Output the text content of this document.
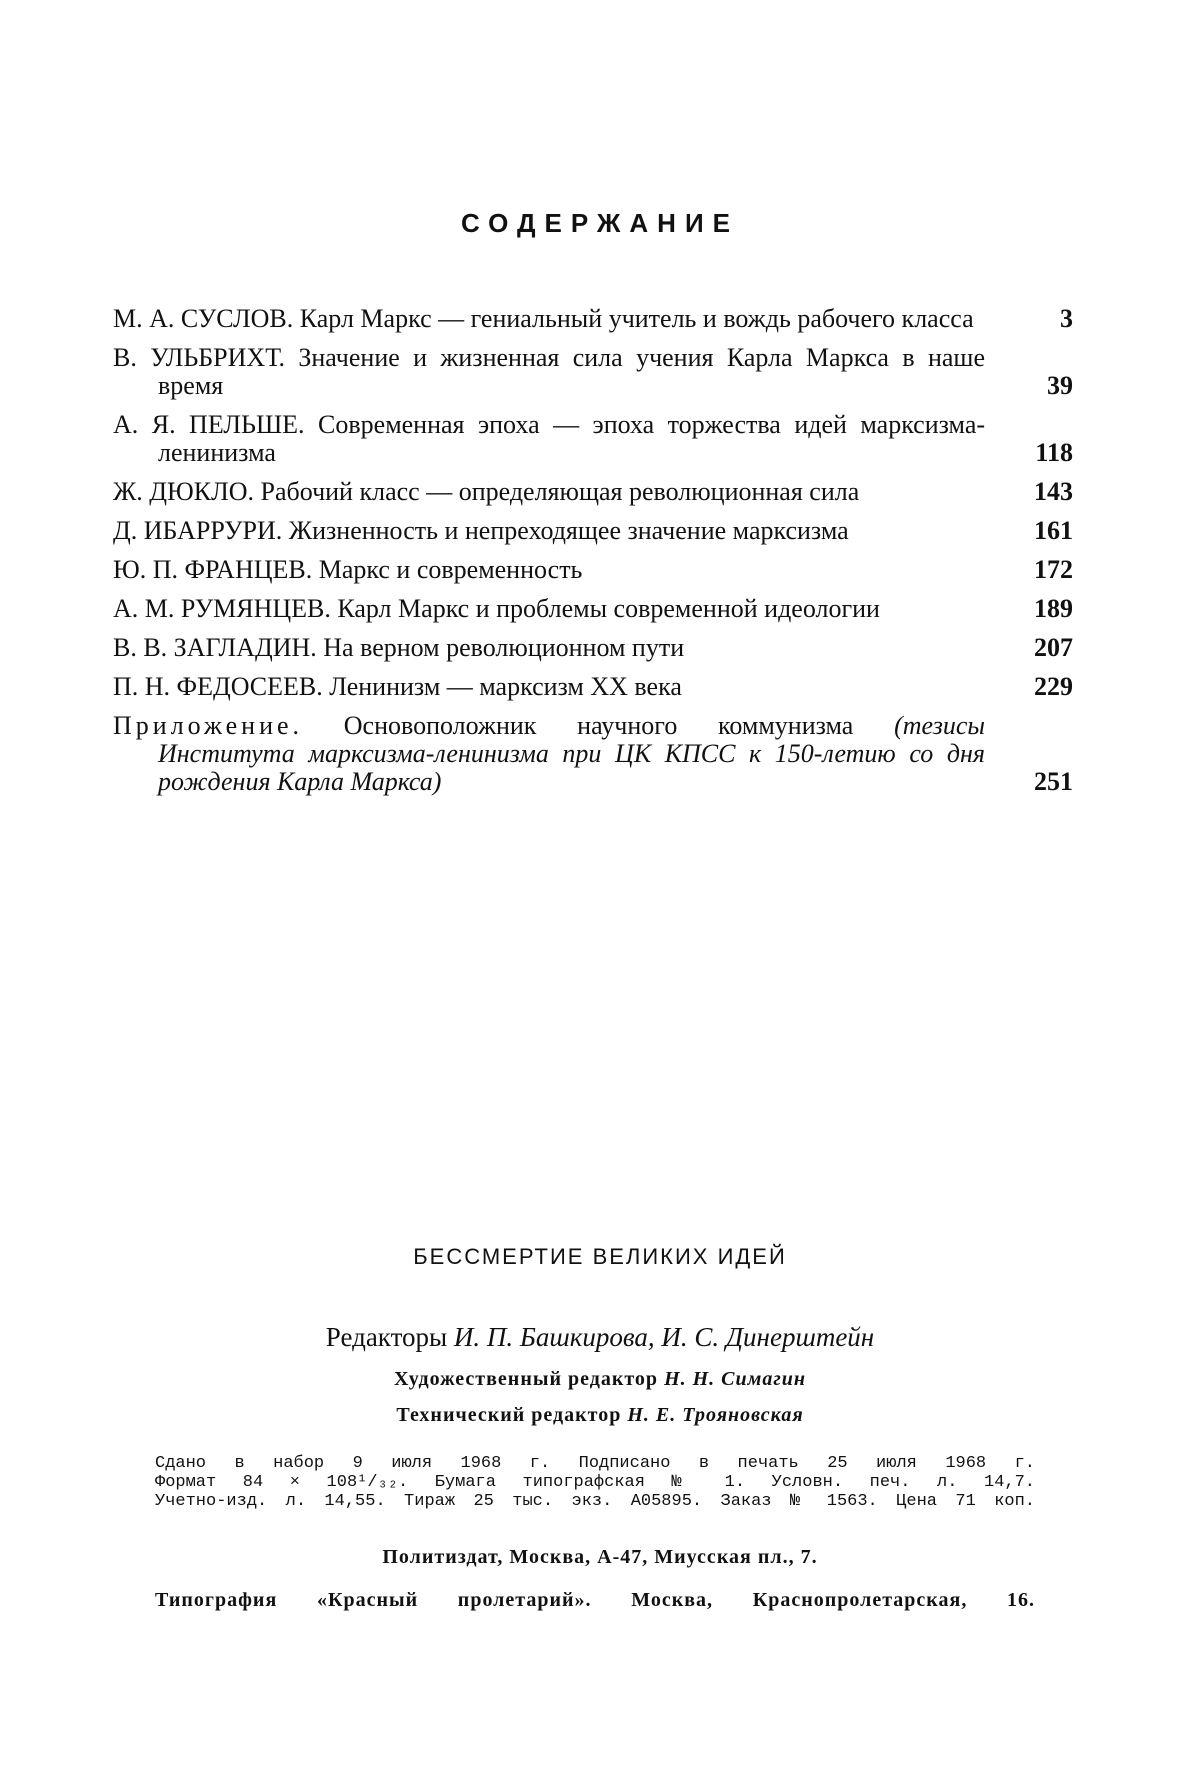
СОДЕРЖАНИЕ
М. А. СУСЛОВ. Карл Маркс — гениальный учитель и вождь рабочего класса	3
В. УЛЬБРИХТ. Значение и жизненная сила учения Карла Маркса в наше время	39
А. Я. ПЕЛЬШЕ. Современная эпоха — эпоха торжества идей марксизма-ленинизма	118
Ж. ДЮКЛО. Рабочий класс — определяющая революционная сила	143
Д. ИБАРРУРИ. Жизненность и непреходящее значение марксизма	161
Ю. П. ФРАНЦЕВ. Маркс и современность	172
А. М. РУМЯНЦЕВ. Карл Маркс и проблемы современной идеологии	189
В. В. ЗАГЛАДИН. На верном революционном пути	207
П. Н. ФЕДОСЕЕВ. Ленинизм — марксизм XX века	229
Приложение. Основоположник научного коммунизма (тезисы Института марксизма-ленинизма при ЦК КПСС к 150-летию со дня рождения Карла Маркса)	251
БЕССМЕРТИЕ ВЕЛИКИХ ИДЕЙ
Редакторы И. П. Башкирова, И. С. Динерштейн
Художественный редактор Н. Н. Симагин
Технический редактор Н. Е. Трояновская
Сдано в набор 9 июля 1968 г. Подписано в печать 25 июля 1968 г.
Формат 84 × 108¹/₃₂. Бумага типографская № 1. Условн. печ. л. 14,7.
Учетно-изд. л. 14,55. Тираж 25 тыс. экз. А05895. Заказ № 1563. Цена 71 коп.
Политиздат, Москва, А-47, Миусская пл., 7.
Типография «Красный пролетарий». Москва, Краснопролетарская, 16.
